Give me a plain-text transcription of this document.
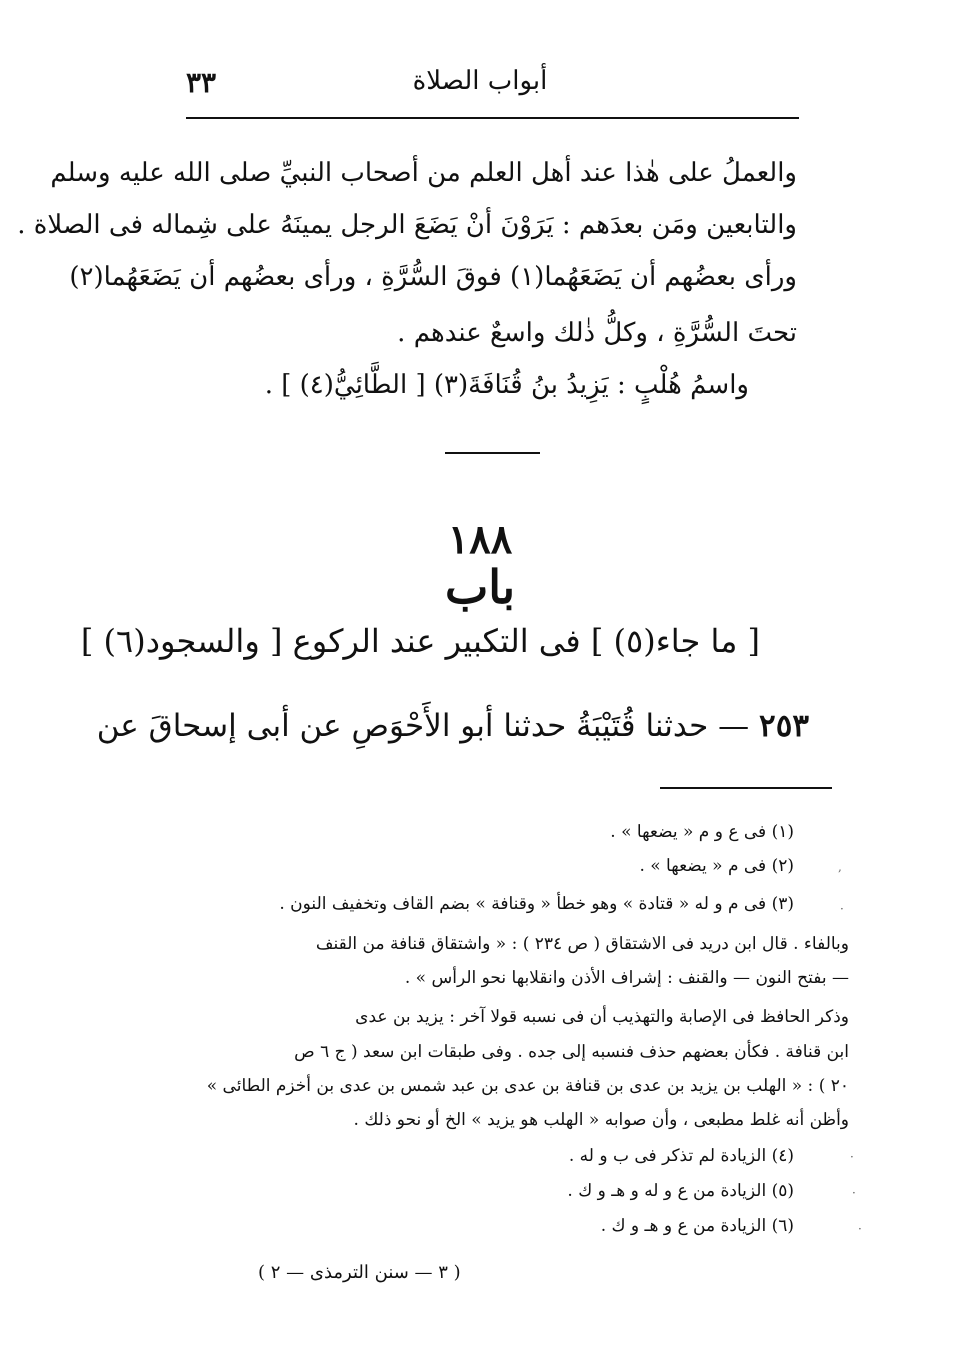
أبواب الصلاة
٣٣
والعملُ على هٰذا عند أهل العلم من أصحاب النبيِّ صلى الله عليه وسلم
والتابعين ومَن بعدَهم : يَرَوْنَ أنْ يَضَعَ الرجل يمينَهُ على شِماله فى الصلاة .
ورأى بعضُهم أن يَضَعَهُما(١) فوقَ السُّرَّةِ ، ورأى بعضُهم أن يَضَعَهُما(٢)
تحتَ السُّرَّةِ ، وكلُّ ذٰلك واسعٌ عندهم .
واسمُ هُلْبٍ : يَزِيدُ بنُ قُنَافَةَ(٣) [ الطَّائِيُّ(٤) ] .
١٨٨
باب
[ ما جاء(٥) ] فى التكبير عند الركوع [ والسجود(٦) ]
٢٥٣ — حدثنا قُتَيْبَةُ حدثنا أبو الأَحْوَصِ عن أبى إسحاقَ عن
(١) فى ع و م « يضعها » .
(٢) فى م « يضعها » .
(٣) فى م و له « قتادة » وهو خطأ « وقنافة » بضم القاف وتخفيف النون .
وبالفاء . قال ابن دريد فى الاشتقاق ( ص ٢٣٤ ) : « واشتقاق قنافة من القنف
— بفتح النون — والقنف : إشراف الأذن وانقلابها نحو الرأس » .
وذكر الحافظ فى الإصابة والتهذيب أن فى نسبه قولا آخر : يزيد بن عدى
ابن قنافة . فكأن بعضهم حذف فنسبه إلى جده . وفى طبقات ابن سعد ( ج ٦ ص
٢٠ ) : « الهلب بن يزيد بن عدى بن قنافة بن عدى بن عبد شمس بن عدى بن أخزم الطائى »
وأظن أنه غلط مطبعى ، وأن صوابه « الهلب هو يزيد » الخ أو نحو ذلك .
(٤) الزيادة لم تذكر فى ب و له .
(٥) الزيادة من ع و له و هـ و ك .
(٦) الزيادة من ع و هـ و ك .
( ٣ — سنن الترمذى — ٢ )
,
·
·
·
·
